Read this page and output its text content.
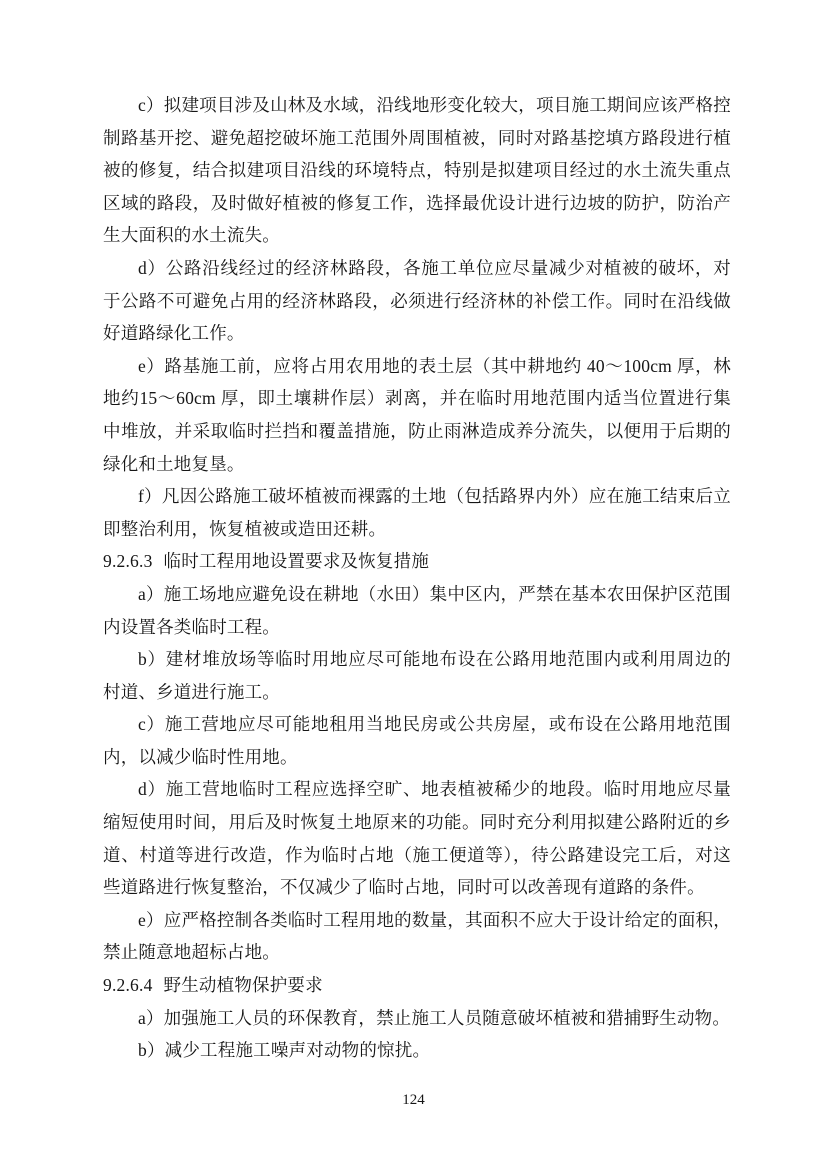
c）拟建项目涉及山林及水域，沿线地形变化较大，项目施工期间应该严格控制路基开挖、避免超挖破坏施工范围外周围植被，同时对路基挖填方路段进行植被的修复，结合拟建项目沿线的环境特点，特别是拟建项目经过的水土流失重点区域的路段，及时做好植被的修复工作，选择最优设计进行边坡的防护，防治产生大面积的水土流失。

d）公路沿线经过的经济林路段，各施工单位应尽量减少对植被的破坏，对于公路不可避免占用的经济林路段，必须进行经济林的补偿工作。同时在沿线做好道路绿化工作。

e）路基施工前，应将占用农用地的表土层（其中耕地约 40～100cm 厚，林地约15～60cm 厚，即土壤耕作层）剥离，并在临时用地范围内适当位置进行集中堆放，并采取临时拦挡和覆盖措施，防止雨淋造成养分流失，以便用于后期的绿化和土地复垦。

f）凡因公路施工破坏植被而裸露的土地（包括路界内外）应在施工结束后立即整治利用，恢复植被或造田还耕。

9.2.6.3 临时工程用地设置要求及恢复措施

a）施工场地应避免设在耕地（水田）集中区内，严禁在基本农田保护区范围内设置各类临时工程。

b）建材堆放场等临时用地应尽可能地布设在公路用地范围内或利用周边的村道、乡道进行施工。

c）施工营地应尽可能地租用当地民房或公共房屋，或布设在公路用地范围内，以减少临时性用地。

d）施工营地临时工程应选择空旷、地表植被稀少的地段。临时用地应尽量缩短使用时间，用后及时恢复土地原来的功能。同时充分利用拟建公路附近的乡道、村道等进行改造，作为临时占地（施工便道等），待公路建设完工后，对这些道路进行恢复整治，不仅减少了临时占地，同时可以改善现有道路的条件。

e）应严格控制各类临时工程用地的数量，其面积不应大于设计给定的面积，禁止随意地超标占地。

9.2.6.4 野生动植物保护要求

a）加强施工人员的环保教育，禁止施工人员随意破坏植被和猎捕野生动物。

b）减少工程施工噪声对动物的惊扰。

124
